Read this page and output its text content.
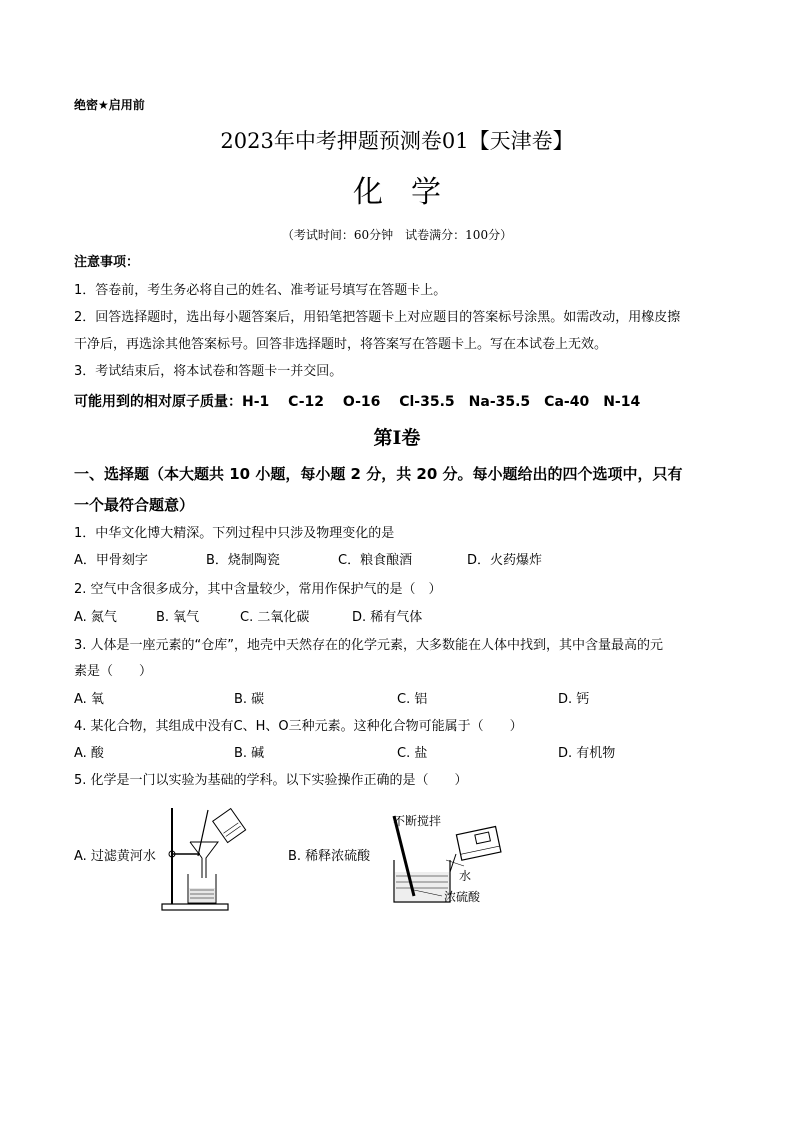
绝密★启用前
2023年中考押题预测卷01【天津卷】
化学
（考试时间：60分钟　试卷满分：100分）
注意事项：
1．答卷前，考生务必将自己的姓名、准考证号填写在答题卡上。
2．回答选择题时，选出每小题答案后，用铅笔把答题卡上对应题目的答案标号涂黑。如需改动，用橡皮擦
干净后，再选涂其他答案标号。回答非选择题时，将答案写在答题卡上。写在本试卷上无效。
3．考试结束后，将本试卷和答题卡一并交回。
可能用到的相对原子质量：H-1　 C-12　 O-16　 Cl-35.5　Na-35.5　Ca-40　N-14
第Ⅰ卷
一、选择题（本大题共 10 小题，每小题 2 分，共 20 分。每小题给出的四个选项中，只有
一个最符合题意）
1．中华文化博大精深。下列过程中只涉及物理变化的是
A．甲骨刻字	B．烧制陶瓷	C．粮食酿酒	D．火药爆炸
2. 空气中含很多成分，其中含量较少，常用作保护气的是（　）
A. 氮气	B. 氧气	C. 二氧化碳	D. 稀有气体
3. 人体是一座元素的“仓库”，地壳中天然存在的化学元素，大多数能在人体中找到，其中含量最高的元
素是（　　）
A. 氧	B. 碳	C. 铝	D. 钙
4. 某化合物，其组成中没有C、H、O三种元素。这种化合物可能属于（　　）
A. 酸	B. 碱	C. 盐	D. 有机物
5. 化学是一门以实验为基础的学科。以下实验操作正确的是（　　）
A. 过滤黄河水	B. 稀释浓硫酸
不断搅拌
水
浓硫酸
